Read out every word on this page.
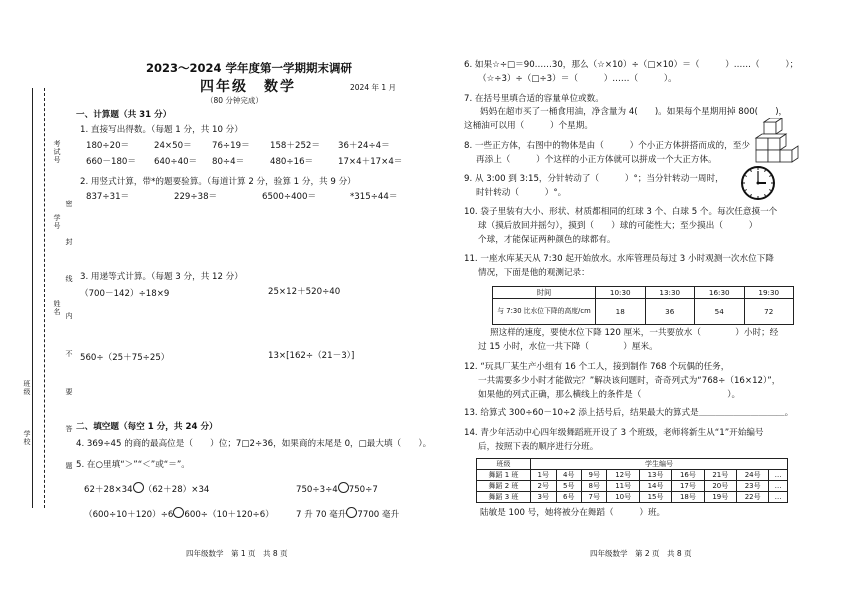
考试号
学号
姓名
班级
学校
密
封
线
内
不
要
答
题
2023～2024 学年度第一学期期末调研
四年级　数学
（80 分钟完成）
2024 年 1 月
一、计算题（共 31 分）
1. 直接写出得数。（每题 1 分，共 10 分）
180÷20＝	24×50＝ 76÷19＝ 158＋252＝ 36＋24÷4＝
660－180＝ 640÷40＝ 80÷4＝	480÷16＝	17×4＋17×4＝
2. 用竖式计算，带*的题要验算。（每道计算 2 分，验算 1 分，共 9 分）
837÷31＝	229÷38＝	6500÷400＝	*315÷44＝
3. 用递等式计算。（每题 3 分，共 12 分）
（700－142）÷18×9	25×12＋520÷40
560÷（25＋75÷25）	13×[162÷（21－3）]
二、填空题（每空 1 分，共 24 分）
4. 369÷45 的商的最高位是（　　）位；7□2÷36，如果商的末尾是 0，□最大填（　　）。
5. 在○里填“＞”“＜”或“＝”。
62＋28×34 （62＋28）×34	750÷3÷4 750÷7
（600÷10＋120）÷6 600÷（10＋120÷6）	7 升 70 毫升 7700 毫升
四年级数学　第 1 页　共 8 页
6. 如果☆÷□＝90……30，那么（☆×10）÷（□×10）＝（　　　）……（　　　）；
（☆÷3）÷（□÷3）＝（　　　）……（　　　）。
7. 在括号里填合适的容量单位或数。
妈妈在超市买了一桶食用油，净含量为 4(　　)。如果每个星期用掉 800(　　)，
这桶油可以用（　　　）个星期。
8. 一些正方体，右图中的物体是由（　　　）个小正方体拼搭而成的，至少
再添上（　　　）个这样的小正方体就可以拼成一个大正方体。
9. 从 3:00 到 3:15，分针转动了（　　　）°；当分针转动一周时，
时针转动（　　　）°。
10. 袋子里装有大小、形状、材质都相同的红球 3 个、白球 5 个。每次任意摸一个
球（摸后放回并摇匀），摸到（　　）球的可能性大；至少摸出（　　　）
个球，才能保证两种颜色的球都有。
11. 一座水库某天从 7:30 起开始放水。水库管理员每过 3 小时观测一次水位下降
情况，下面是他的观测记录：
时间	10:30	13:30	16:30	19:30
与 7:30 比水位下降的高度/cm	18	36	54	72
照这样的速度，要使水位下降 120 厘米，一共要放水（　　　　）小时；经
过 15 小时，水位一共下降（　　　　）厘米。
12. “玩具厂某生产小组有 16 个工人，接到制作 768 个玩偶的任务，
一共需要多少小时才能做完？”解决该问题时，奇奇列式为“768÷（16×12）”，
如果他的列式正确，那么横线上的条件是（　　　　　　　　　　）。
13. 给算式 300÷60－10÷2 添上括号后，结果最大的算式是＿＿＿＿＿＿＿＿＿＿。
14. 青少年活动中心四年级舞蹈班开设了 3 个班级，老师将新生从“1”开始编号
后，按照下表的顺序进行分班。
班级	学生编号								
舞蹈 1 班	1号	4号	9号	12号	13号	16号	21号	24号	…
舞蹈 2 班	2号	5号	8号	11号	14号	17号	20号	23号	…
舞蹈 3 班	3号	6号	7号	10号	15号	18号	19号	22号	…
陆敏是 100 号，她将被分在舞蹈（　　　）班。
四年级数学　第 2 页　共 8 页
